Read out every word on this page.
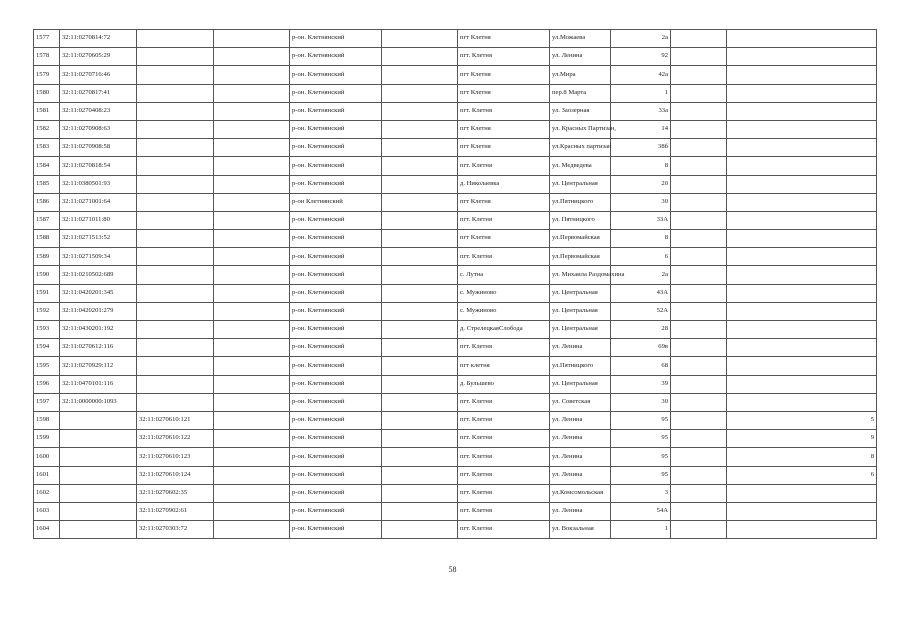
1577	32:11:0270814:72			р-он. Клетнянский		пгт Клетня	ул.Можаева	2а		
1578	32:11:0270605:29			р-он. Клетнянский		пгт. Клетня	ул. Ленина	92		
1579	32:11:0270716:46			р-он. Клетнянский		пгт Клетня	ул.Мира	42а		
1580	32:11:0270817:41			р-он. Клетнянский		пгт Клетня	пер.8 Марта	1		
1581	32:11:0270408:23			р-он. Клетнянский		пгт. Клетня	ул. Заозерная	33а		
1582	32:11:0270908:63			р-он. Клетнянский		пгт Клетня	ул. Красных Партизан,	14		
1583	32:11:0270908:58			р-он. Клетнянский		пгт Клетня	ул.Красных партизан	38б		
1584	32:11:0270818:54			р-он. Клетнянский		пгт. Клетня	ул. Медведева	8		
1585	32:11:0380501:93			р-он. Клетнянский		д. Николаевка	ул. Центральная	20		
1586	32:11:0271001:64			р-он Клетнянский		пгт Клетня	ул.Пятницкого	30		
1587	32:11:0271011:80			р-он. Клетнянский		пгт. Клетня	ул. Пятницкого	33А		
1588	32:11:0271513:52			р-он. Клетнянский		пгт Клетня	ул.Первомайская	8		
1589	32:11:0271509:34			р-он. Клетнянский		пгт. Клетня	ул.Первомайская	6		
1590	32:11:0210502:689			р-он. Клетнянский		с. Лутна	ул. Михаила Раздомахина	2а		
1591	32:11:0420201:345			р-он. Клетнянский		с. Мужиново	ул. Центральная	43А		
1592	32:11:0420201:279			р-он. Клетнянский		с. Мужиново	ул. Центральная	52А		
1593	32:11:0430201:192			р-он. Клетнянский		д. СтрелецкаяСлобода	ул. Центральная	28		
1594	32:11:0270612:116			р-он. Клетнянский		пгт. Клетня	ул. Ленина	69в		
1595	32:11:0270929:112			р-он. Клетнянский		пгт клетня	ул.Пятницкого	68		
1596	32:11:0470101:116			р-он. Клетнянский		д. Бульшево	ул. Центральная	39		
1597	32:11:0000000:1093			р-он. Клетнянский		пгт. Клетня	ул. Советская	30		
1598		32:11:0270610:121		р-он. Клетнянский		пгт. Клетня	ул. Ленина	95		5
1599		32:11:0270610:122		р-он. Клетнянский		пгт. Клетня	ул. Ленина	95		9
1600		32:11:0270610:123		р-он. Клетнянский		пгт. Клетня	ул. Ленина	95		8
1601		32:11:0270610:124		р-он. Клетнянский		пгт. Клетня	ул. Ленина	95		6
1602		32:11:0270602:35		р-он. Клетнянский		пгт. Клетня	ул.Комсомольская	3		
1603		32:11:0270902:61		р-он. Клетнянский		пгт. Клетня	ул. Ленина	54А		
1604		32:11:0270303:72		р-он. Клетнянский		пгт. Клетня	ул. Вокзальная	1		
58
